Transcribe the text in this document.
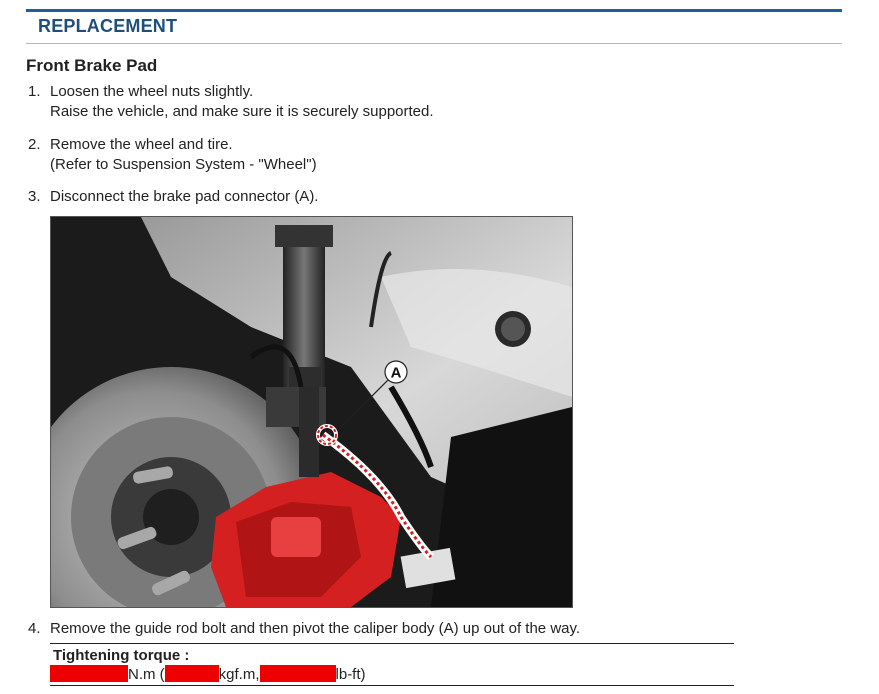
REPLACEMENT
Front Brake Pad
1. Loosen the wheel nuts slightly.
Raise the vehicle, and make sure it is securely supported.
2. Remove the wheel and tire.
(Refer to Suspension System - "Wheel")
3. Disconnect the brake pad connector (A).
A
4. Remove the guide rod bolt and then pivot the caliper body (A) up out of the way.
Tightening torque :
N.m (	kgf.m,	lb-ft)
